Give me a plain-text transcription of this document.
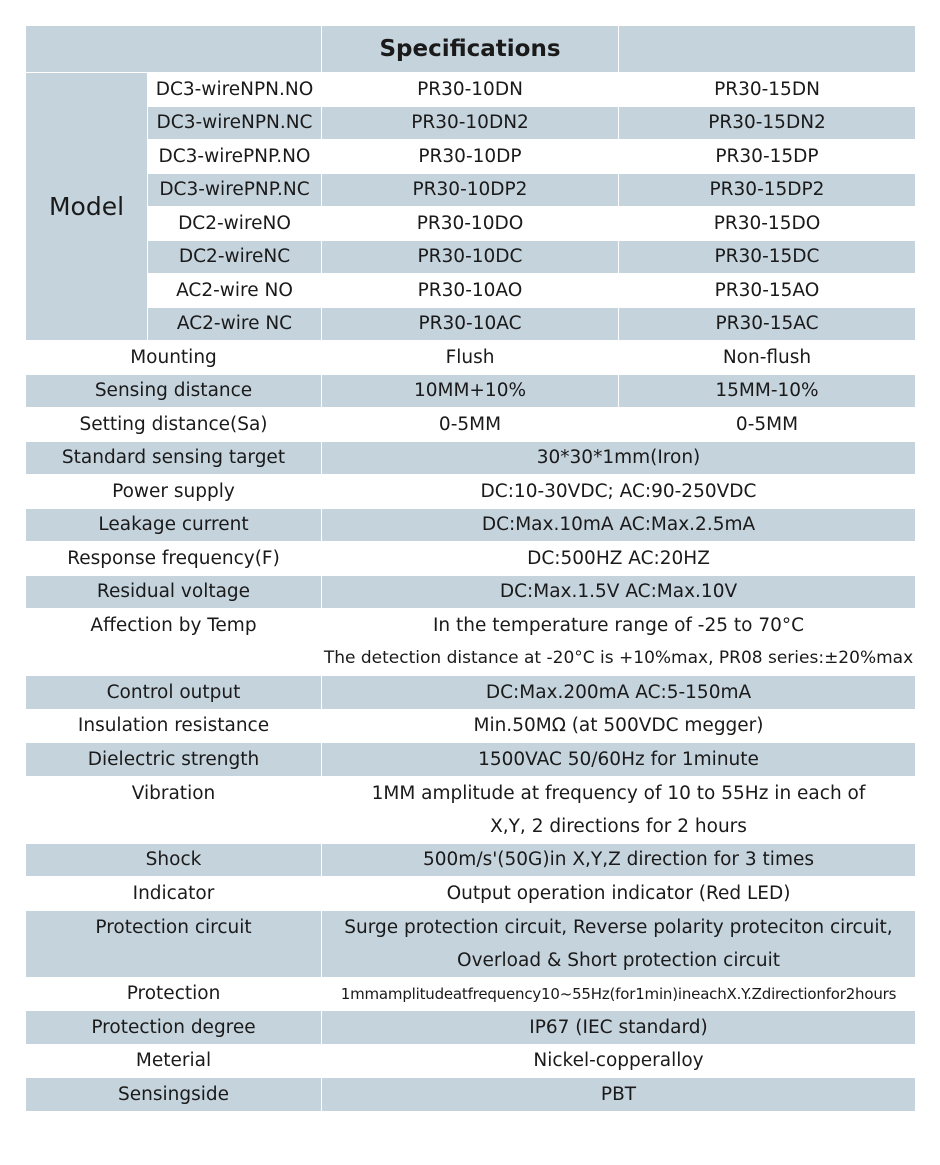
		Specifications	
Model	DC3-wireNPN.NO	PR30-10DN	PR30-15DN
	DC3-wireNPN.NC	PR30-10DN2	PR30-15DN2
	DC3-wirePNP.NO	PR30-10DP	PR30-15DP
	DC3-wirePNP.NC	PR30-10DP2	PR30-15DP2
	DC2-wireNO	PR30-10DO	PR30-15DO
	DC2-wireNC	PR30-10DC	PR30-15DC
	AC2-wire NO	PR30-10AO	PR30-15AO
	AC2-wire NC	PR30-10AC	PR30-15AC
Mounting		Flush	Non-flush
Sensing distance		10MM+10%	15MM-10%
Setting distance(Sa)		0-5MM	0-5MM
Standard sensing target		30*30*1mm(Iron)	
Power supply		DC:10-30VDC; AC:90-250VDC	
Leakage current		DC:Max.10mA AC:Max.2.5mA	
Response frequency(F)		DC:500HZ AC:20HZ	
Residual voltage		DC:Max.1.5V AC:Max.10V	

Affection by Temp		In the temperature range of -25 to 70°C
The detection distance at -20°C is +10%max, PR08 series:±20%max	

Control output		DC:Max.200mA AC:5-150mA	
Insulation resistance		Min.50MΩ (at 500VDC megger)	
Dielectric strength		1500VAC 50/60Hz for 1minute	

Vibration		1MM amplitude at frequency of 10 to 55Hz in each of
X,Y, 2 directions for 2 hours	

Shock		500m/s'(50G)in X,Y,Z direction for 3 times	
Indicator		Output operation indicator (Red LED)	

Protection circuit		Surge protection circuit, Reverse polarity proteciton circuit,
Overload & Short protection circuit	

Protection		1mmamplitudeatfrequency10~55Hz(for1min)ineachX.Y.Zdirectionfor2hours	
Protection degree		IP67 (IEC standard)	
Meterial		Nickel-copperalloy	
Sensingside		PBT	
